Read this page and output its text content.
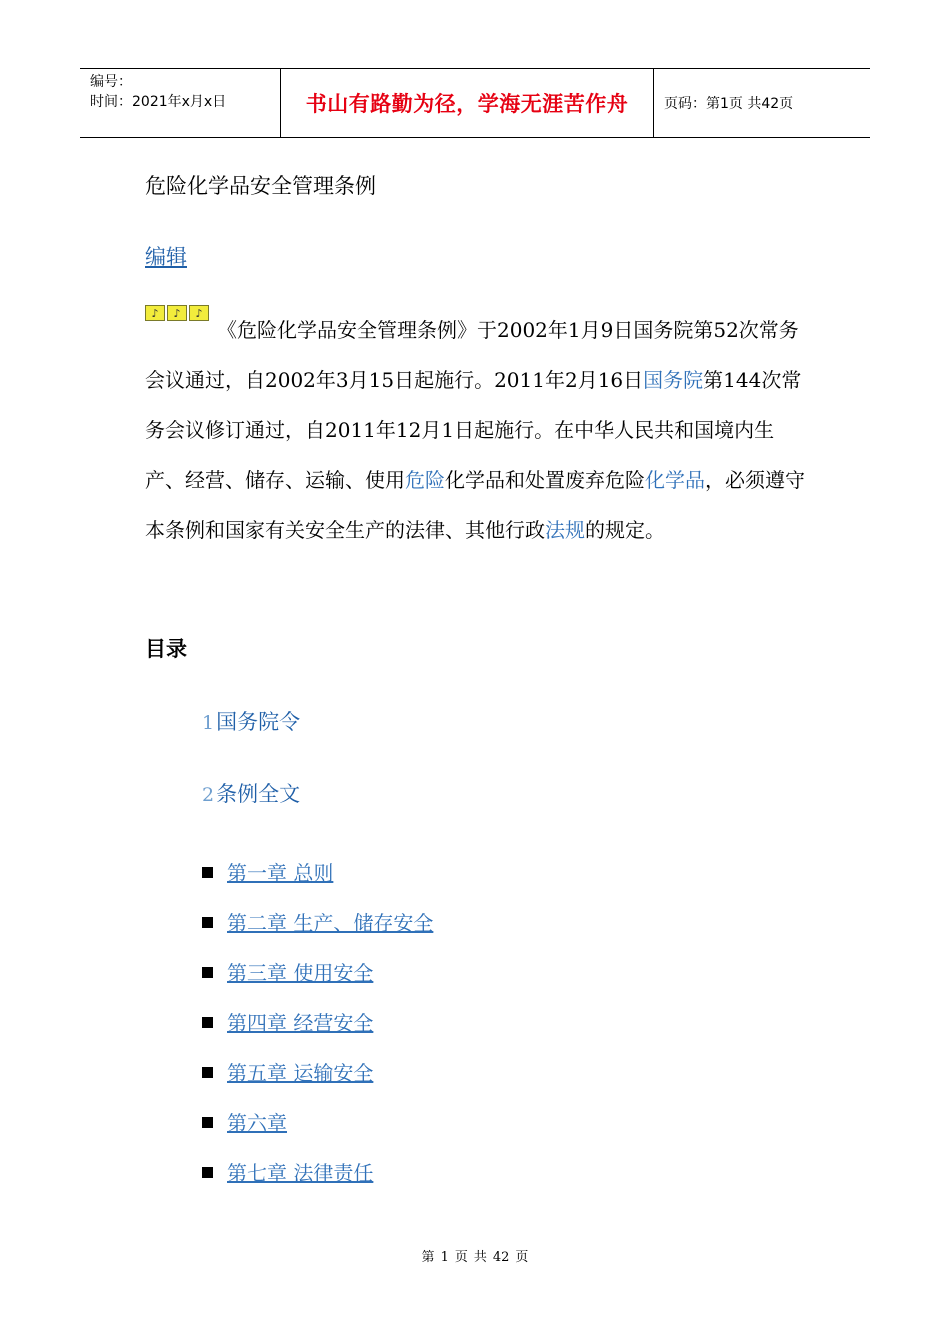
编号：
时间：2021年x月x日	书山有路勤为径，学海无涯苦作舟	页码：第1页 共42页
危险化学品安全管理条例
编辑
♪	♪	♪

《危险化学品安全管理条例》于2002年1月9日国务院第52次常务会议通过，自2002年3月15日起施行。2011年2月16日国务院第144次常务会议修订通过，自2011年12月1日起施行。在中华人民共和国境内生产、经营、储存、运输、使用危险化学品和处置废弃危险化学品，必须遵守本条例和国家有关安全生产的法律、其他行政法规的规定。

目录
1国务院令
2条例全文
第一章 总则
第二章 生产、储存安全
第三章 使用安全
第四章 经营安全
第五章 运输安全
第六章
第七章 法律责任
第 1 页 共 42 页
